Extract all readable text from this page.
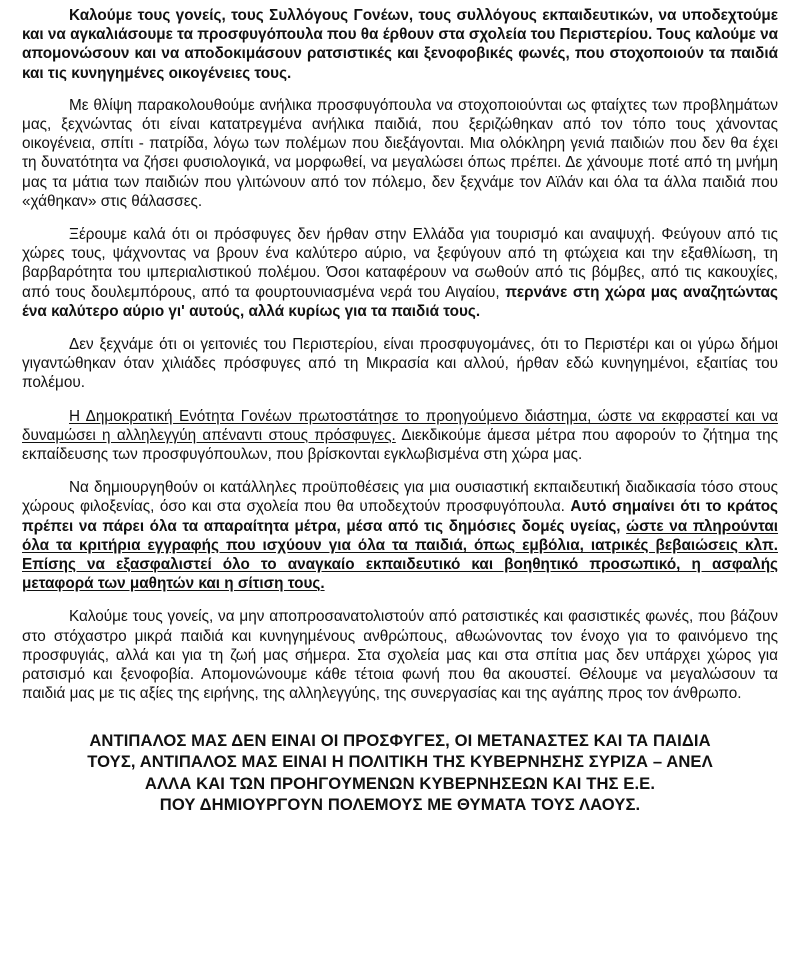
Καλούμε τους γονείς, τους Συλλόγους Γονέων, τους συλλόγους εκπαιδευτικών, να υποδεχτούμε και να αγκαλιάσουμε τα προσφυγόπουλα που θα έρθουν στα σχολεία του Περιστερίου. Τους καλούμε να απομονώσουν και να αποδοκιμάσουν ρατσιστικές και ξενοφοβικές φωνές, που στοχοποιούν τα παιδιά και τις κυνηγημένες οικογένειες τους.

Με θλίψη παρακολουθούμε ανήλικα προσφυγόπουλα να στοχοποιούνται ως φταίχτες των προβλημάτων μας, ξεχνώντας ότι είναι κατατρεγμένα ανήλικα παιδιά, που ξεριζώθηκαν από τον τόπο τους χάνοντας οικογένεια, σπίτι - πατρίδα, λόγω των πολέμων που διεξάγονται. Μια ολόκληρη γενιά παιδιών που δεν θα έχει τη δυνατότητα να ζήσει φυσιολογικά, να μορφωθεί, να μεγαλώσει όπως πρέπει. Δε χάνουμε ποτέ από τη μνήμη μας τα μάτια των παιδιών που γλιτώνουν από τον πόλεμο, δεν ξεχνάμε τον Αϊλάν και όλα τα άλλα παιδιά που «χάθηκαν» στις θάλασσες.

Ξέρουμε καλά ότι οι πρόσφυγες δεν ήρθαν στην Ελλάδα για τουρισμό και αναψυχή. Φεύγουν από τις χώρες τους, ψάχνοντας να βρουν ένα καλύτερο αύριο, να ξεφύγουν από τη φτώχεια και την εξαθλίωση, τη βαρβαρότητα του ιμπεριαλιστικού πολέμου. Όσοι καταφέρουν να σωθούν από τις βόμβες, από τις κακουχίες, από τους δουλεμπόρους, από τα φουρτουνιασμένα νερά του Αιγαίου, περνάνε στη χώρα μας αναζητώντας ένα καλύτερο αύριο γι' αυτούς, αλλά κυρίως για τα παιδιά τους.

Δεν ξεχνάμε ότι οι γειτονιές του Περιστερίου, είναι προσφυγομάνες, ότι το Περιστέρι και οι γύρω δήμοι γιγαντώθηκαν όταν χιλιάδες πρόσφυγες από τη Μικρασία και αλλού, ήρθαν εδώ κυνηγημένοι, εξαιτίας του πολέμου.

Η Δημοκρατική Ενότητα Γονέων πρωτοστάτησε το προηγούμενο διάστημα, ώστε να εκφραστεί και να δυναμώσει η αλληλεγγύη απέναντι στους πρόσφυγες. Διεκδικούμε άμεσα μέτρα που αφορούν το ζήτημα της εκπαίδευσης των προσφυγόπουλων, που βρίσκονται εγκλωβισμένα στη χώρα μας.

Να δημιουργηθούν οι κατάλληλες προϋποθέσεις για μια ουσιαστική εκπαιδευτική διαδικασία τόσο στους χώρους φιλοξενίας, όσο και στα σχολεία που θα υποδεχτούν προσφυγόπουλα. Αυτό σημαίνει ότι το κράτος πρέπει να πάρει όλα τα απαραίτητα μέτρα, μέσα από τις δημόσιες δομές υγείας, ώστε να πληρούνται όλα τα κριτήρια εγγραφής που ισχύουν για όλα τα παιδιά, όπως εμβόλια, ιατρικές βεβαιώσεις κλπ. Επίσης να εξασφαλιστεί όλο το αναγκαίο εκπαιδευτικό και βοηθητικό προσωπικό, η ασφαλής μεταφορά των μαθητών και η σίτιση τους.

Καλούμε τους γονείς, να μην αποπροσανατολιστούν από ρατσιστικές και φασιστικές φωνές, που βάζουν στο στόχαστρο μικρά παιδιά και κυνηγημένους ανθρώπους, αθωώνοντας τον ένοχο για το φαινόμενο της προσφυγιάς, αλλά και για τη ζωή μας σήμερα. Στα σχολεία μας και στα σπίτια μας δεν υπάρχει χώρος για ρατσισμό και ξενοφοβία. Απομονώνουμε κάθε τέτοια φωνή που θα ακουστεί. Θέλουμε να μεγαλώσουν τα παιδιά μας με τις αξίες της ειρήνης, της αλληλεγγύης, της συνεργασίας και της αγάπης προς τον άνθρωπο.

ΑΝΤΙΠΑΛΟΣ ΜΑΣ ΔΕΝ ΕΙΝΑΙ ΟΙ ΠΡΟΣΦΥΓΕΣ, ΟΙ ΜΕΤΑΝΑΣΤΕΣ ΚΑΙ ΤΑ ΠΑΙΔΙΑ
ΤΟΥΣ, ΑΝΤΙΠΑΛΟΣ ΜΑΣ ΕΙΝΑΙ Η ΠΟΛΙΤΙΚΗ ΤΗΣ ΚΥΒΕΡΝΗΣΗΣ ΣΥΡΙΖΑ – ΑΝΕΛ
ΑΛΛΑ ΚΑΙ ΤΩΝ ΠΡΟΗΓΟΥΜΕΝΩΝ ΚΥΒΕΡΝΗΣΕΩΝ ΚΑΙ ΤΗΣ Ε.Ε.
ΠΟΥ ΔΗΜΙΟΥΡΓΟΥΝ ΠΟΛΕΜΟΥΣ ΜΕ ΘΥΜΑΤΑ ΤΟΥΣ ΛΑΟΥΣ.
